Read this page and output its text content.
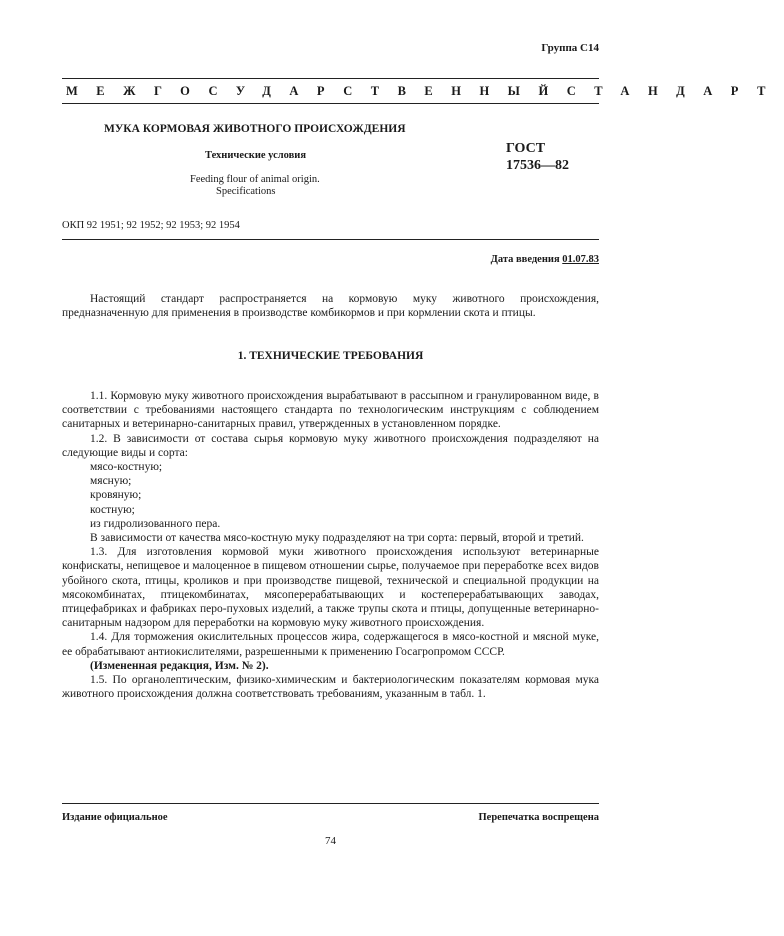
Группа С14
МЕЖГОСУДАРСТВЕННЫЙ СТАНДАРТ
МУКА КОРМОВАЯ ЖИВОТНОГО ПРОИСХОЖДЕНИЯ
Технические условия
Feeding flour of animal origin.
Specifications
ГОСТ
17536—82
ОКП 92 1951; 92 1952; 92 1953; 92 1954
Дата введения 01.07.83

Настоящий стандарт распространяется на кормовую муку животного происхождения, предназначенную для применения в производстве комбикормов и при кормлении скота и птицы.

1. ТЕХНИЧЕСКИЕ ТРЕБОВАНИЯ

1.1. Кормовую муку животного происхождения вырабатывают в рассыпном и гранулированном виде, в соответствии с требованиями настоящего стандарта по технологическим инструкциям с соблюдением санитарных и ветеринарно-санитарных правил, утвержденных в установленном порядке.

1.2. В зависимости от состава сырья кормовую муку животного происхождения подразделяют на следующие виды и сорта:

мясо-костную;

мясную;

кровяную;

костную;

из гидролизованного пера.

В зависимости от качества мясо-костную муку подразделяют на три сорта: первый, второй и третий.

1.3. Для изготовления кормовой муки животного происхождения используют ветеринарные конфискаты, непищевое и малоценное в пищевом отношении сырье, получаемое при переработке всех видов убойного скота, птицы, кроликов и при производстве пищевой, технической и специальной продукции на мясокомбинатах, птицекомбинатах, мясоперерабатывающих и костеперерабатывающих заводах, птицефабриках и фабриках перо-пуховых изделий, а также трупы скота и птицы, допущенные ветеринарно-санитарным надзором для переработки на кормовую муку животного происхождения.

1.4. Для торможения окислительных процессов жира, содержащегося в мясо-костной и мясной муке, ее обрабатывают антиокислителями, разрешенными к применению Госагропромом СССР.

(Измененная редакция, Изм. № 2).

1.5. По органолептическим, физико-химическим и бактериологическим показателям кормовая мука животного происхождения должна соответствовать требованиям, указанным в табл. 1.

Издание официальное	Перепечатка воспрещена
74
